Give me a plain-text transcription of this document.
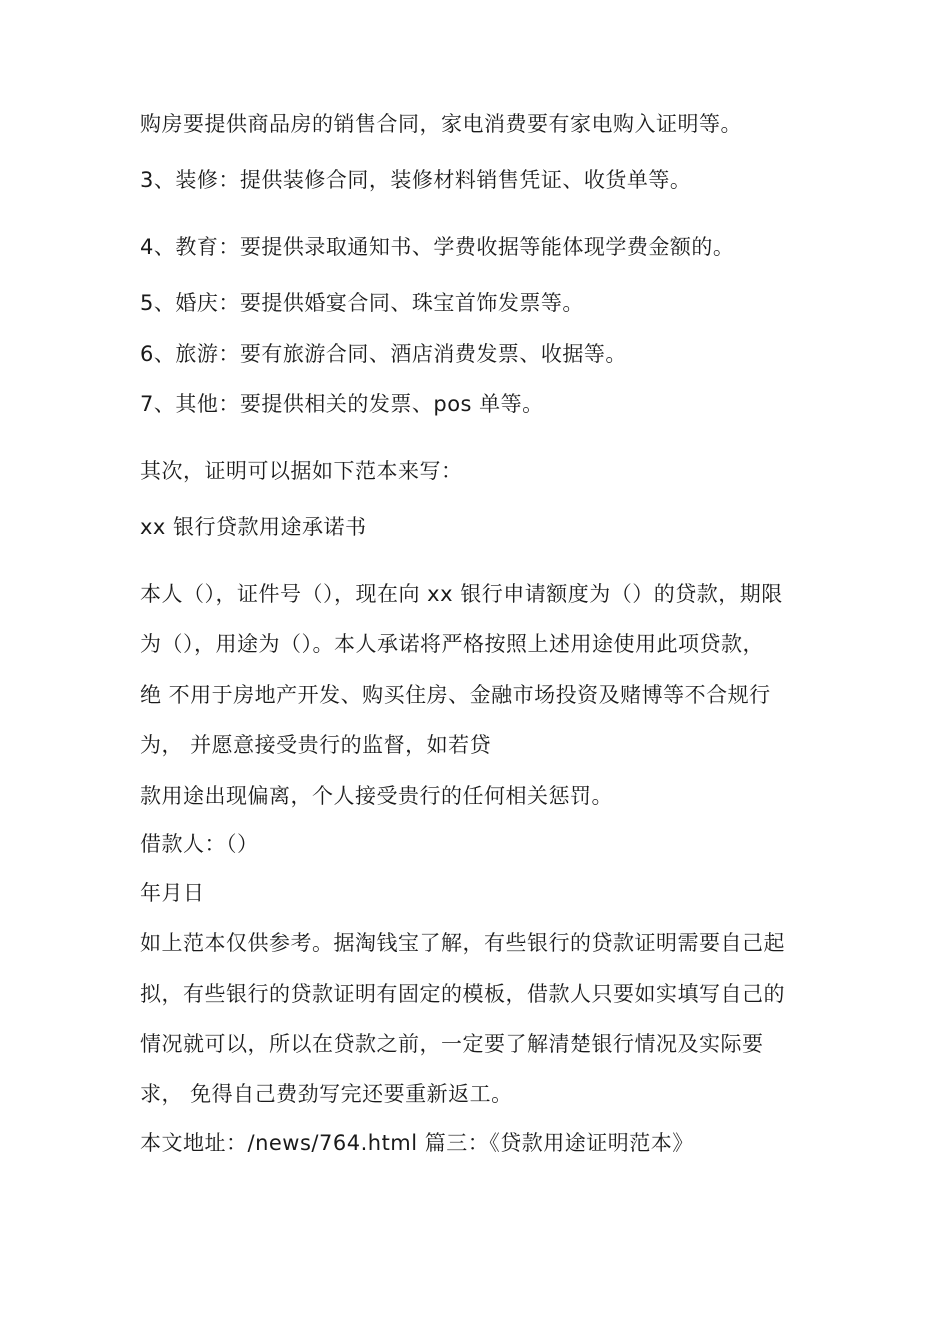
购房要提供商品房的销售合同，家电消费要有家电购入证明等。

3、装修：提供装修合同，装修材料销售凭证、收货单等。

4、教育：要提供录取通知书、学费收据等能体现学费金额的。

5、婚庆：要提供婚宴合同、珠宝首饰发票等。

6、旅游：要有旅游合同、酒店消费发票、收据等。

7、其他：要提供相关的发票、pos 单等。

其次，证明可以据如下范本来写：

xx 银行贷款用途承诺书

本人（），证件号（），现在向 xx 银行申请额度为（）的贷款，期限

为（），用途为（）。本人承诺将严格按照上述用途使用此项贷款，

绝 不用于房地产开发、购买住房、金融市场投资及赌博等不合规行

为， 并愿意接受贵行的监督，如若贷

款用途出现偏离，个人接受贵行的任何相关惩罚。

借款人：（）

年月日

如上范本仅供参考。据淘钱宝了解，有些银行的贷款证明需要自己起

拟，有些银行的贷款证明有固定的模板，借款人只要如实填写自己的

情况就可以，所以在贷款之前，一定要了解清楚银行情况及实际要

求， 免得自己费劲写完还要重新返工。

本文地址：/news/764.html 篇三：《贷款用途证明范本》
